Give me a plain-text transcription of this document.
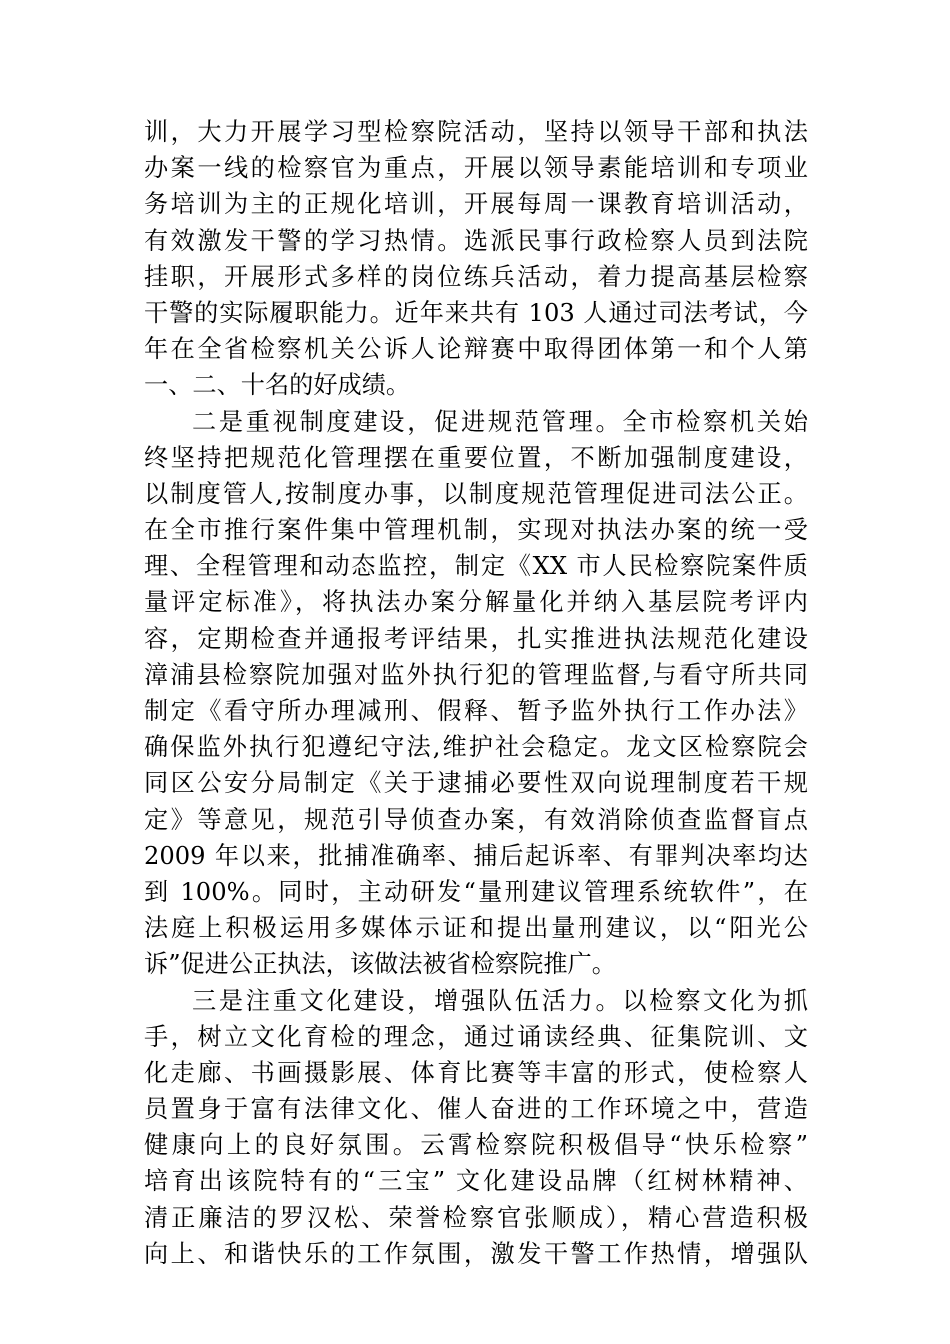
训，大力开展学习型检察院活动，坚持以领导干部和执法
办案一线的检察官为重点，开展以领导素能培训和专项业
务培训为主的正规化培训，开展每周一课教育培训活动，
有效激发干警的学习热情。选派民事行政检察人员到法院
挂职，开展形式多样的岗位练兵活动，着力提高基层检察
干警的实际履职能力。近年来共有 103 人通过司法考试，今
年在全省检察机关公诉人论辩赛中取得团体第一和个人第
一、二、十名的好成绩。
二是重视制度建设，促进规范管理。全市检察机关始
终坚持把规范化管理摆在重要位置，不断加强制度建设，
以制度管人,按制度办事，以制度规范管理促进司法公正。
在全市推行案件集中管理机制，实现对执法办案的统一受
理、全程管理和动态监控，制定《XX 市人民检察院案件质
量评定标准》，将执法办案分解量化并纳入基层院考评内
容，定期检查并通报考评结果，扎实推进执法规范化建设
漳浦县检察院加强对监外执行犯的管理监督,与看守所共同
制定《看守所办理减刑、假释、暂予监外执行工作办法》
确保监外执行犯遵纪守法,维护社会稳定。龙文区检察院会
同区公安分局制定《关于逮捕必要性双向说理制度若干规
定》等意见，规范引导侦查办案，有效消除侦查监督盲点
2009 年以来，批捕准确率、捕后起诉率、有罪判决率均达
到 100%。同时，主动研发“量刑建议管理系统软件”，在
法庭上积极运用多媒体示证和提出量刑建议，以“阳光公
诉”促进公正执法，该做法被省检察院推广。
三是注重文化建设，增强队伍活力。以检察文化为抓
手，树立文化育检的理念，通过诵读经典、征集院训、文
化走廊、书画摄影展、体育比赛等丰富的形式，使检察人
员置身于富有法律文化、催人奋进的工作环境之中，营造
健康向上的良好氛围。云霄检察院积极倡导“快乐检察”
培育出该院特有的“三宝” 文化建设品牌（红树林精神、
清正廉洁的罗汉松、荣誉检察官张顺成），精心营造积极
向上、和谐快乐的工作氛围，激发干警工作热情，增强队
